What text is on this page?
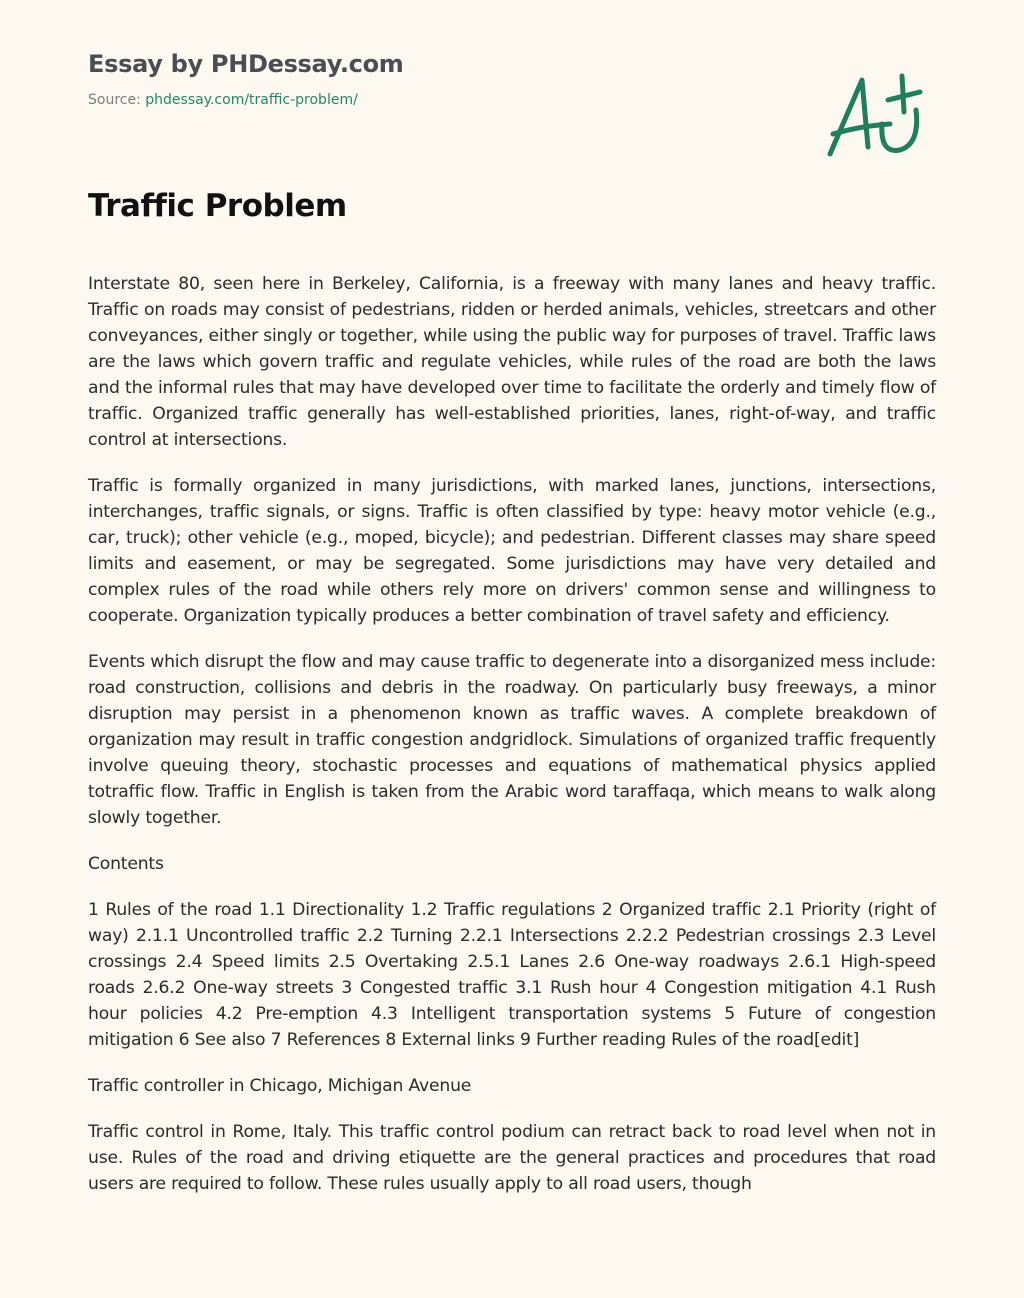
Essay by PHDessay.com

Source: phdessay.com/traffic-problem/
Traffic Problem

Interstate 80, seen here in Berkeley, California, is a freeway with many lanes and heavy traffic. Traffic on roads may consist of pedestrians, ridden or herded animals, vehicles, streetcars and other conveyances, either singly or together, while using the public way for purposes of travel. Traffic laws are the laws which govern traffic and regulate vehicles, while rules of the road are both the laws and the informal rules that may have developed over time to facilitate the orderly and timely flow of traffic. Organized traffic generally has well-established priorities, lanes, right-of-way, and traffic control at intersections.

Traffic is formally organized in many jurisdictions, with marked lanes, junctions, intersections, interchanges, traffic signals, or signs. Traffic is often classified by type: heavy motor vehicle (e.g., car, truck); other vehicle (e.g., moped, bicycle); and pedestrian. Different classes may share speed limits and easement, or may be segregated. Some jurisdictions may have very detailed and complex rules of the road while others rely more on drivers' common sense and willingness to cooperate. Organization typically produces a better combination of travel safety and efficiency.

Events which disrupt the flow and may cause traffic to degenerate into a disorganized mess include: road construction, collisions and debris in the roadway. On particularly busy freeways, a minor disruption may persist in a phenomenon known as traffic waves. A complete breakdown of organization may result in traffic congestion andgridlock. Simulations of organized traffic frequently involve queuing theory, stochastic processes and equations of mathematical physics applied totraffic flow. Traffic in English is taken from the Arabic word taraffaqa, which means to walk along slowly together.

Contents

1 Rules of the road 1.1 Directionality 1.2 Traffic regulations 2 Organized traffic 2.1 Priority (right of way) 2.1.1 Uncontrolled traffic 2.2 Turning 2.2.1 Intersections 2.2.2 Pedestrian crossings 2.3 Level crossings 2.4 Speed limits 2.5 Overtaking 2.5.1 Lanes 2.6 One-way roadways 2.6.1 High-speed roads 2.6.2 One-way streets 3 Congested traffic 3.1 Rush hour 4 Congestion mitigation 4.1 Rush hour policies 4.2 Pre-emption 4.3 Intelligent transportation systems 5 Future of congestion mitigation 6 See also 7 References 8 External links 9 Further reading Rules of the road[edit]

Traffic controller in Chicago, Michigan Avenue

Traffic control in Rome, Italy. This traffic control podium can retract back to road level when not in use. Rules of the road and driving etiquette are the general practices and procedures that road users are required to follow. These rules usually apply to all road users, though
